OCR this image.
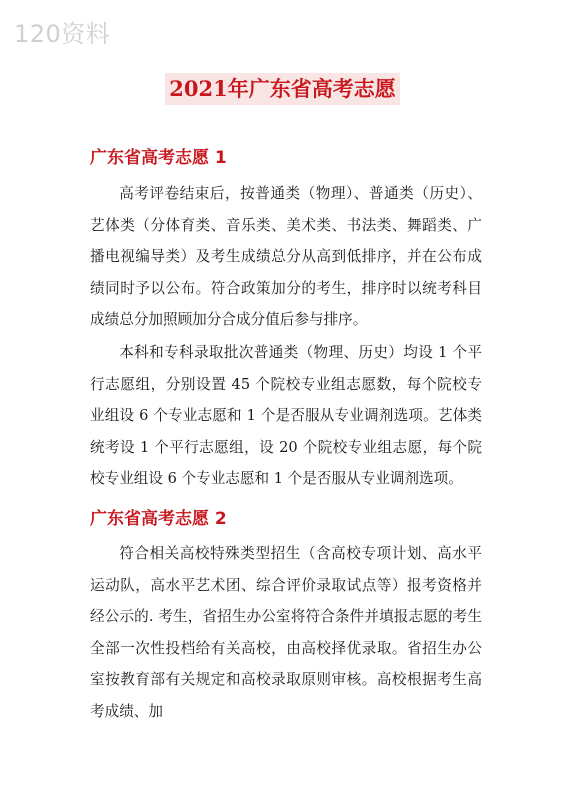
120资料
2021年广东省高考志愿
广东省高考志愿 1

高考评卷结束后，按普通类（物理）、普通类（历史）、艺体类（分体育类、音乐类、美术类、书法类、舞蹈类、广播电视编导类）及考生成绩总分从高到低排序，并在公布成绩同时予以公布。符合政策加分的考生，排序时以统考科目成绩总分加照顾加分合成分值后参与排序。

本科和专科录取批次普通类（物理、历史）均设 1 个平行志愿组，分别设置 45 个院校专业组志愿数，每个院校专业组设 6 个专业志愿和 1 个是否服从专业调剂选项。艺体类统考设 1 个平行志愿组，设 20 个院校专业组志愿，每个院校专业组设 6 个专业志愿和 1 个是否服从专业调剂选项。

广东省高考志愿 2

符合相关高校特殊类型招生（含高校专项计划、高水平运动队，高水平艺术团、综合评价录取试点等）报考资格并经公示的. 考生，省招生办公室将符合条件并填报志愿的考生全部一次性投档给有关高校，由高校择优录取。省招生办公室按教育部有关规定和高校录取原则审核。高校根据考生高考成绩、加
